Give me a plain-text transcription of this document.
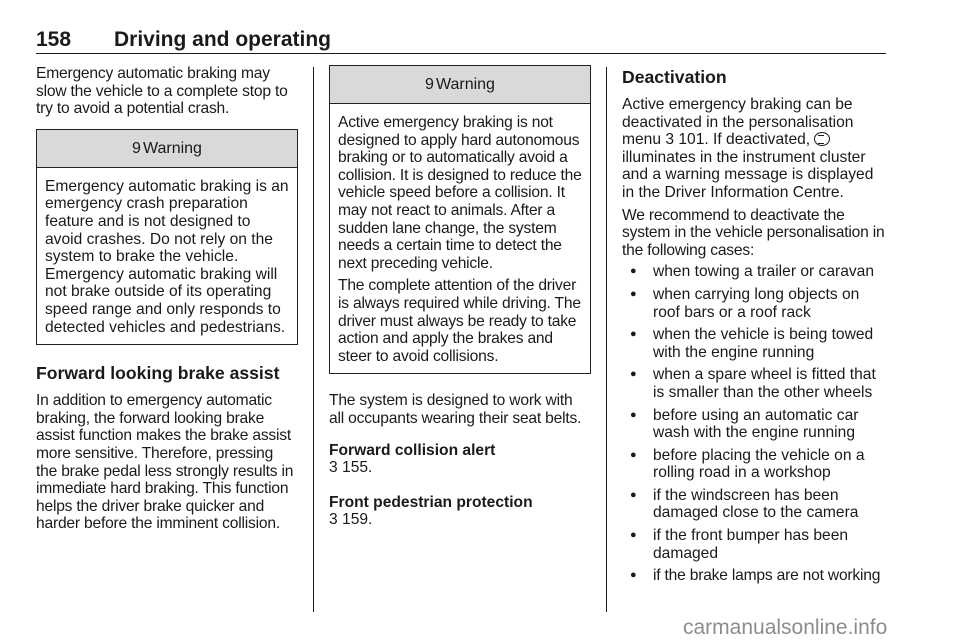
158 Driving and operating

Emergency automatic braking may slow the vehicle to a complete stop to try to avoid a potential crash.

9 Warning

Emergency automatic braking is an emergency crash preparation feature and is not designed to avoid crashes. Do not rely on the system to brake the vehicle. Emergency automatic braking will not brake outside of its operating speed range and only responds to detected vehicles and pedestrians.

Forward looking brake assist

In addition to emergency automatic braking, the forward looking brake assist function makes the brake assist more sensitive. Therefore, pressing the brake pedal less strongly results in immediate hard braking. This function helps the driver brake quicker and harder before the imminent collision.

9 Warning

Active emergency braking is not designed to apply hard autonomous braking or to automatically avoid a collision. It is designed to reduce the vehicle speed before a collision. It may not react to animals. After a sudden lane change, the system needs a certain time to detect the next preceding vehicle.

The complete attention of the driver is always required while driving. The driver must always be ready to take action and apply the brakes and steer to avoid collisions.

The system is designed to work with all occupants wearing their seat belts.

Forward collision alert

3 155.

Front pedestrian protection

3 159.

Deactivation

Active emergency braking can be deactivated in the personalisation menu 3 101. If deactivated,  illuminates in the instrument cluster and a warning message is displayed in the Driver Information Centre.

We recommend to deactivate the system in the vehicle personalisation in the following cases:

● when towing a trailer or caravan
● when carrying long objects on roof bars or a roof rack
● when the vehicle is being towed with the engine running
● when a spare wheel is fitted that is smaller than the other wheels
● before using an automatic car wash with the engine running
● before placing the vehicle on a rolling road in a workshop
● if the windscreen has been damaged close to the camera
● if the front bumper has been damaged
● if the brake lamps are not working
carmanualsonline.info
